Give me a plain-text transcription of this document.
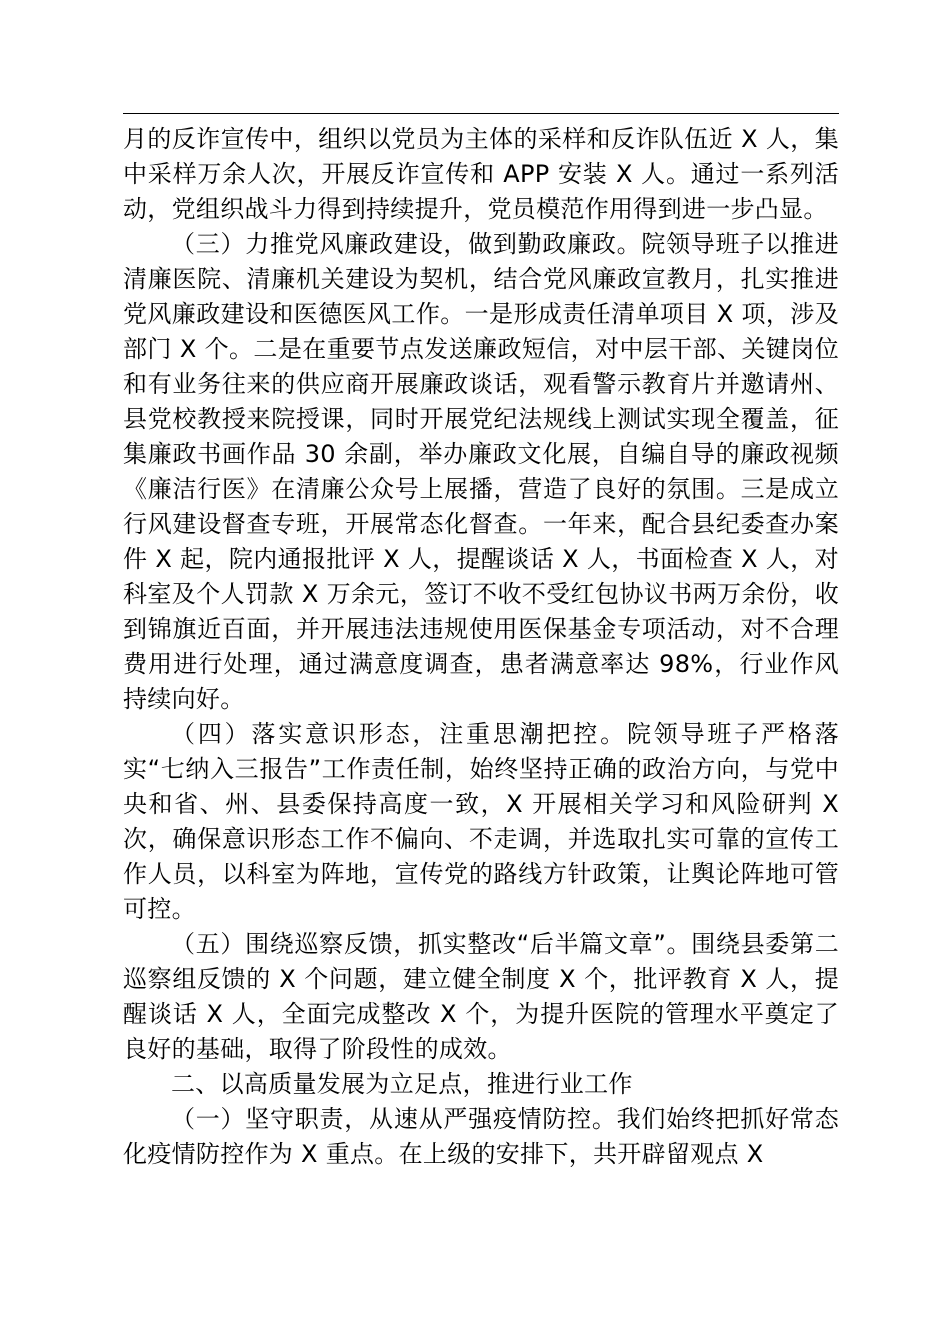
月的反诈宣传中，组织以党员为主体的采样和反诈队伍近 X 人，集中采样万余人次，开展反诈宣传和 APP 安装 X 人。通过一系列活动，党组织战斗力得到持续提升，党员模范作用得到进一步凸显。

（三）力推党风廉政建设，做到勤政廉政。院领导班子以推进清廉医院、清廉机关建设为契机，结合党风廉政宣教月，扎实推进党风廉政建设和医德医风工作。一是形成责任清单项目 X 项，涉及部门 X 个。二是在重要节点发送廉政短信，对中层干部、关键岗位和有业务往来的供应商开展廉政谈话，观看警示教育片并邀请州、县党校教授来院授课，同时开展党纪法规线上测试实现全覆盖，征集廉政书画作品 30 余副，举办廉政文化展，自编自导的廉政视频《廉洁行医》在清廉公众号上展播，营造了良好的氛围。三是成立行风建设督查专班，开展常态化督查。一年来，配合县纪委查办案件 X 起，院内通报批评 X 人，提醒谈话 X 人，书面检查 X 人，对科室及个人罚款 X 万余元，签订不收不受红包协议书两万余份，收到锦旗近百面，并开展违法违规使用医保基金专项活动，对不合理费用进行处理，通过满意度调查，患者满意率达 98%，行业作风持续向好。

（四）落实意识形态，注重思潮把控。院领导班子严格落实“七纳入三报告”工作责任制，始终坚持正确的政治方向，与党中央和省、州、县委保持高度一致，X 开展相关学习和风险研判 X 次，确保意识形态工作不偏向、不走调，并选取扎实可靠的宣传工作人员，以科室为阵地，宣传党的路线方针政策，让舆论阵地可管可控。

（五）围绕巡察反馈，抓实整改“后半篇文章”。围绕县委第二巡察组反馈的 X 个问题，建立健全制度 X 个，批评教育 X 人，提醒谈话 X 人，全面完成整改 X 个，为提升医院的管理水平奠定了良好的基础，取得了阶段性的成效。

二、以高质量发展为立足点，推进行业工作

（一）坚守职责，从速从严强疫情防控。我们始终把抓好常态化疫情防控作为 X 重点。在上级的安排下，共开辟留观点 X
